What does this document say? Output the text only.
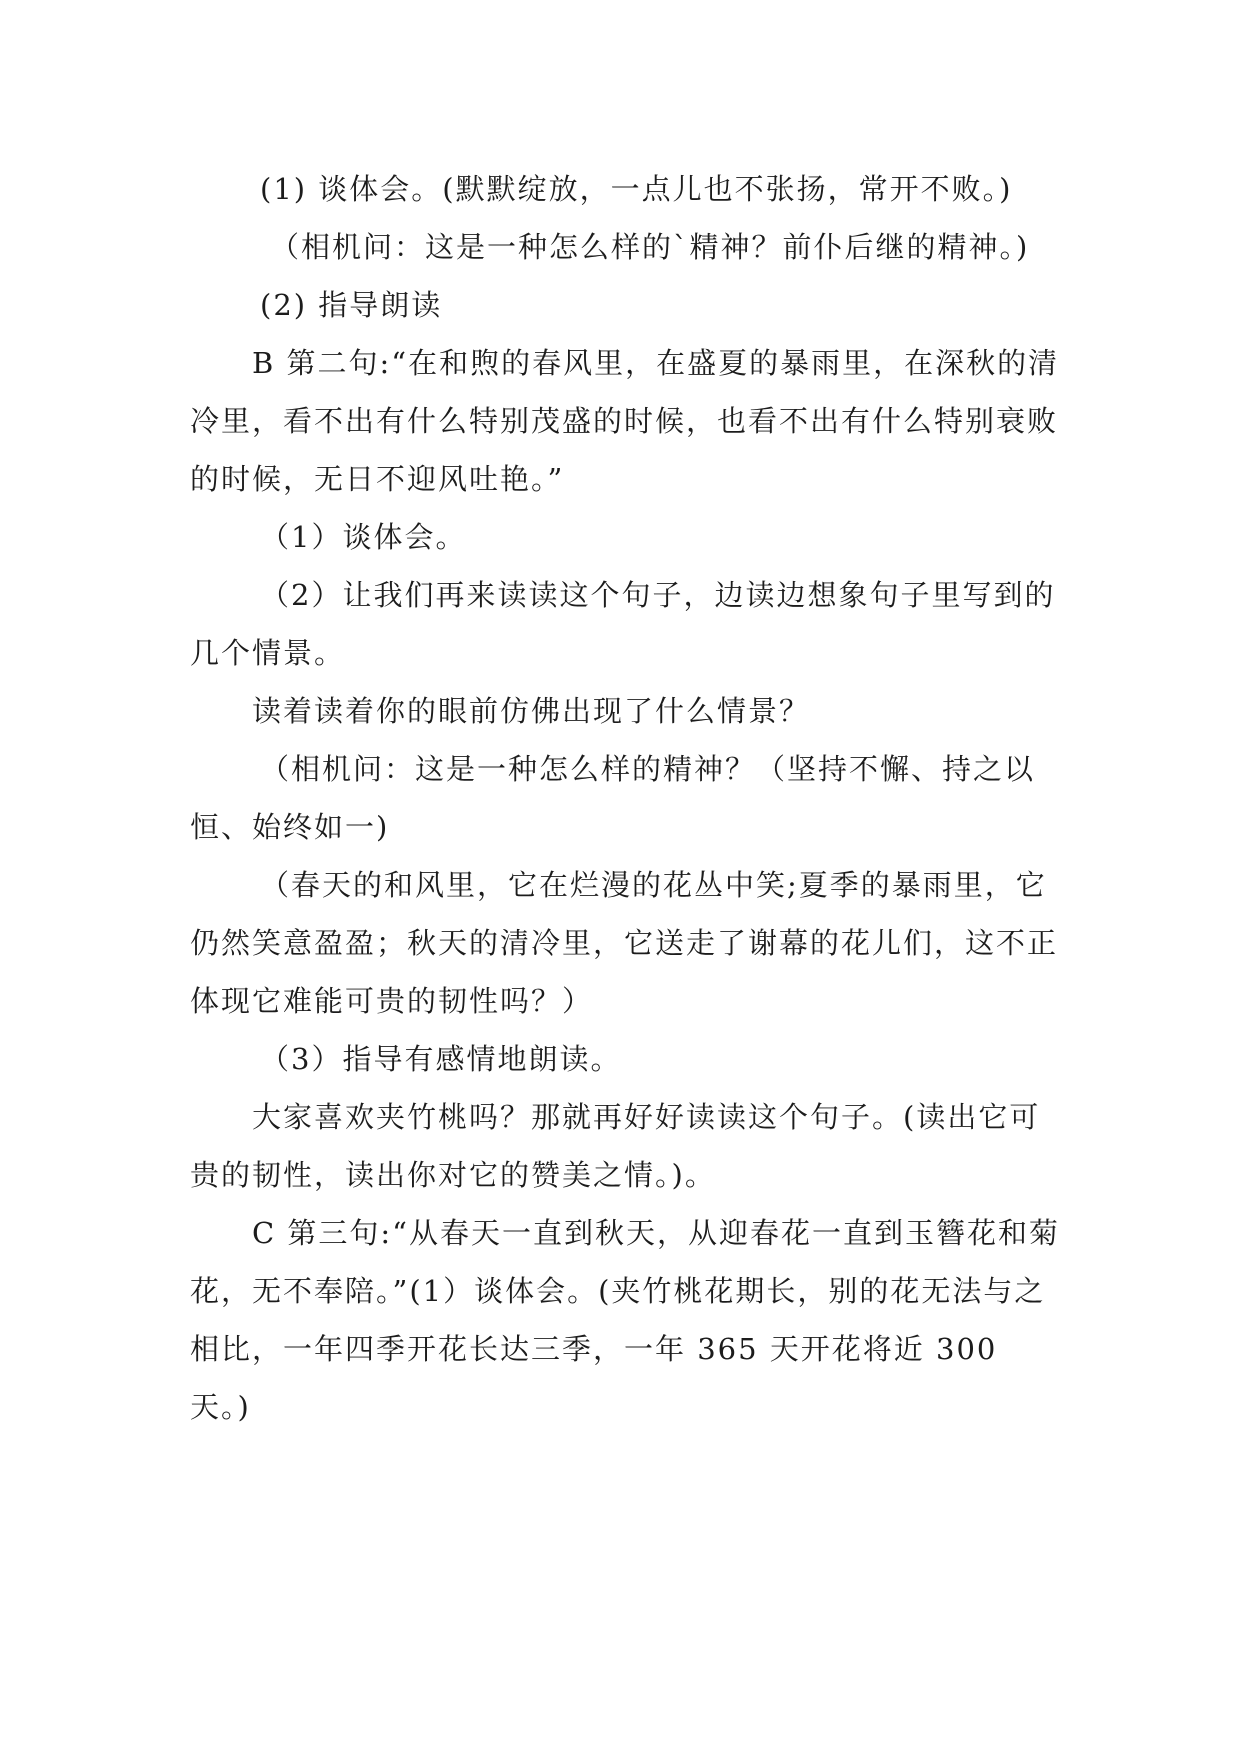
(1) 谈体会。(默默绽放，一点儿也不张扬，常开不败。)

（相机问：这是一种怎么样的`精神？前仆后继的精神。)

(2) 指导朗读

B 第二句:“在和煦的春风里，在盛夏的暴雨里，在深秋的清冷里，看不出有什么特别茂盛的时候，也看不出有什么特别衰败的时候，无日不迎风吐艳。”

（1）谈体会。

（2）让我们再来读读这个句子，边读边想象句子里写到的几个情景。

读着读着你的眼前仿佛出现了什么情景？

（相机问：这是一种怎么样的精神？（坚持不懈、持之以恒、始终如一)

（春天的和风里，它在烂漫的花丛中笑;夏季的暴雨里，它仍然笑意盈盈；秋天的清冷里，它送走了谢幕的花儿们，这不正体现它难能可贵的韧性吗？）

（3）指导有感情地朗读。

大家喜欢夹竹桃吗？那就再好好读读这个句子。(读出它可贵的韧性，读出你对它的赞美之情。)。

C 第三句:“从春天一直到秋天，从迎春花一直到玉簪花和菊花，无不奉陪。”(1）谈体会。(夹竹桃花期长，别的花无法与之相比，一年四季开花长达三季，一年 365 天开花将近 300 天。)
